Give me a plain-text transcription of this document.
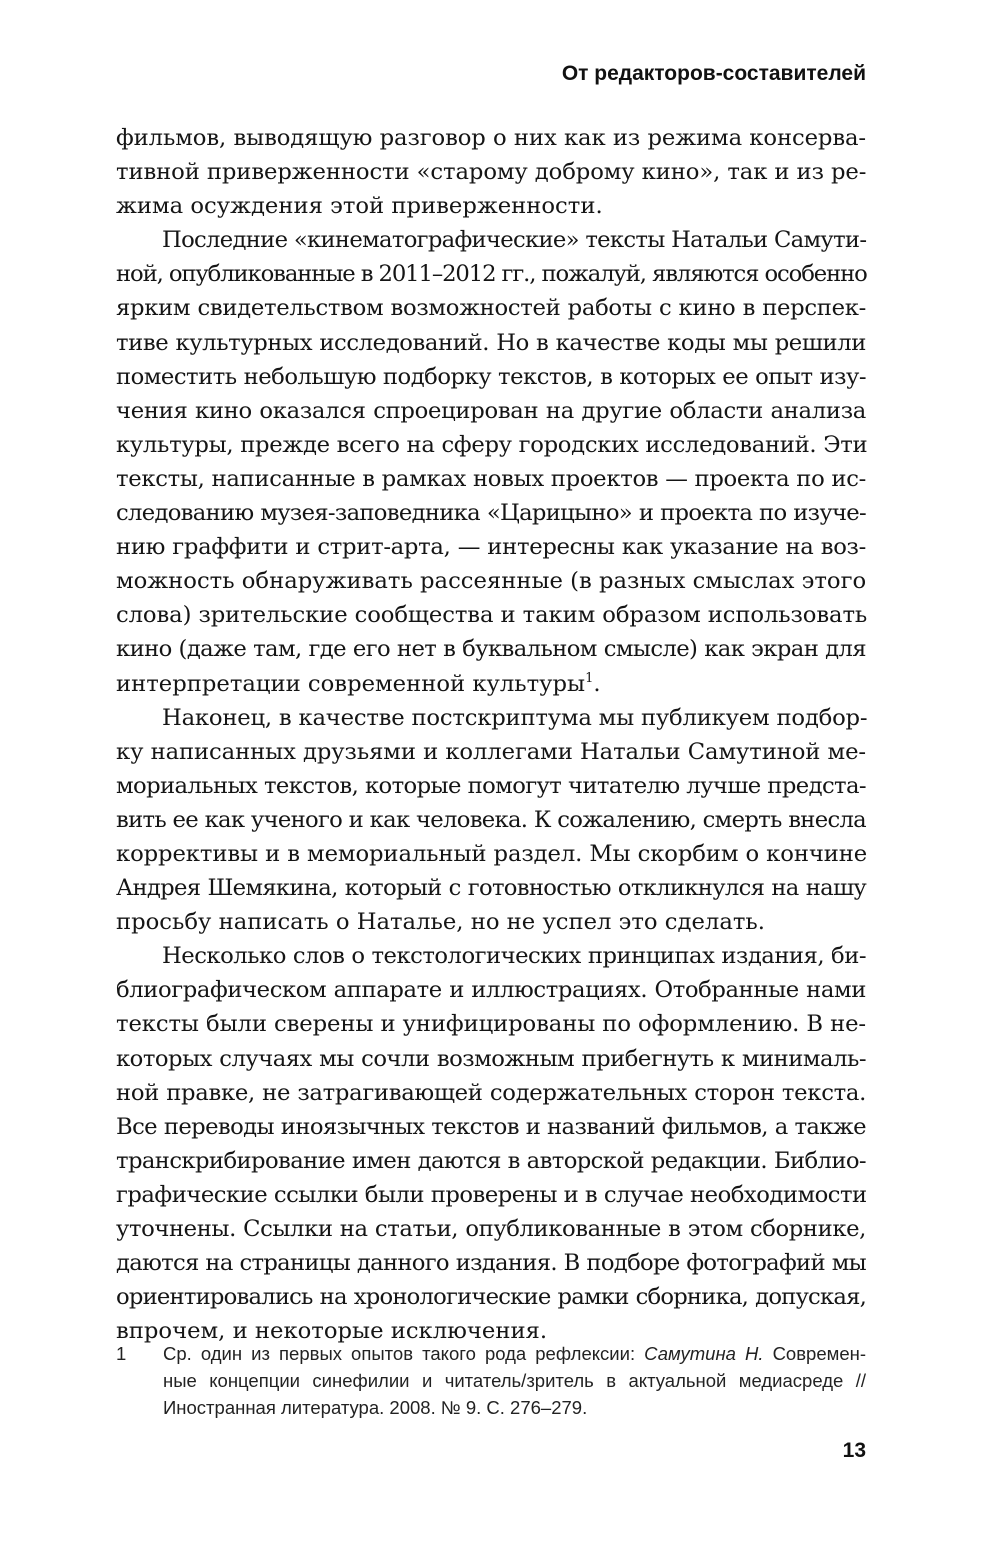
От редакторов-составителей

фильмов, выводящую разговор о них как из режима консерва-
тивной приверженности «старому доброму кино», так и из ре-
жима осуждения этой приверженности.

Последние «кинематографические» тексты Натальи Самути-
ной, опубликованные в 2011–2012 гг., пожалуй, являются особенно
ярким свидетельством возможностей работы с кино в перспек-
тиве культурных исследований. Но в качестве коды мы решили
поместить небольшую подборку текстов, в которых ее опыт изу-
чения кино оказался спроецирован на другие области анализа
культуры, прежде всего на сферу городских исследований. Эти
тексты, написанные в рамках новых проектов — проекта по ис-
следованию музея-заповедника «Царицыно» и проекта по изуче-
нию граффити и стрит-арта, — интересны как указание на воз-
можность обнаруживать рассеянные (в разных смыслах этого
слова) зрительские сообщества и таким образом использовать
кино (даже там, где его нет в буквальном смысле) как экран для
интерпретации современной культуры$^1$.

Наконец, в качестве постскриптума мы публикуем подбор-
ку написанных друзьями и коллегами Натальи Самутиной ме-
мориальных текстов, которые помогут читателю лучше предста-
вить ее как ученого и как человека. К сожалению, смерть внесла
коррективы и в мемориальный раздел. Мы скорбим о кончине
Андрея Шемякина, который с готовностью откликнулся на нашу
просьбу написать о Наталье, но не успел это сделать.

Несколько слов о текстологических принципах издания, би-
блиографическом аппарате и иллюстрациях. Отобранные нами
тексты были сверены и унифицированы по оформлению. В не-
которых случаях мы сочли возможным прибегнуть к минималь-
ной правке, не затрагивающей содержательных сторон текста.
Все переводы иноязычных текстов и названий фильмов, а также
транскрибирование имен даются в авторской редакции. Библио-
графические ссылки были проверены и в случае необходимости
уточнены. Ссылки на статьи, опубликованные в этом сборнике,
даются на страницы данного издания. В подборе фотографий мы
ориентировались на хронологические рамки сборника, допуская,
впрочем, и некоторые исключения.

1 Ср. один из первых опытов такого рода рефлексии: Самутина Н. Современ-
ные концепции синефилии и читатель/зритель в актуальной медиасреде //
Иностранная литература. 2008. № 9. С. 276–279.
13
